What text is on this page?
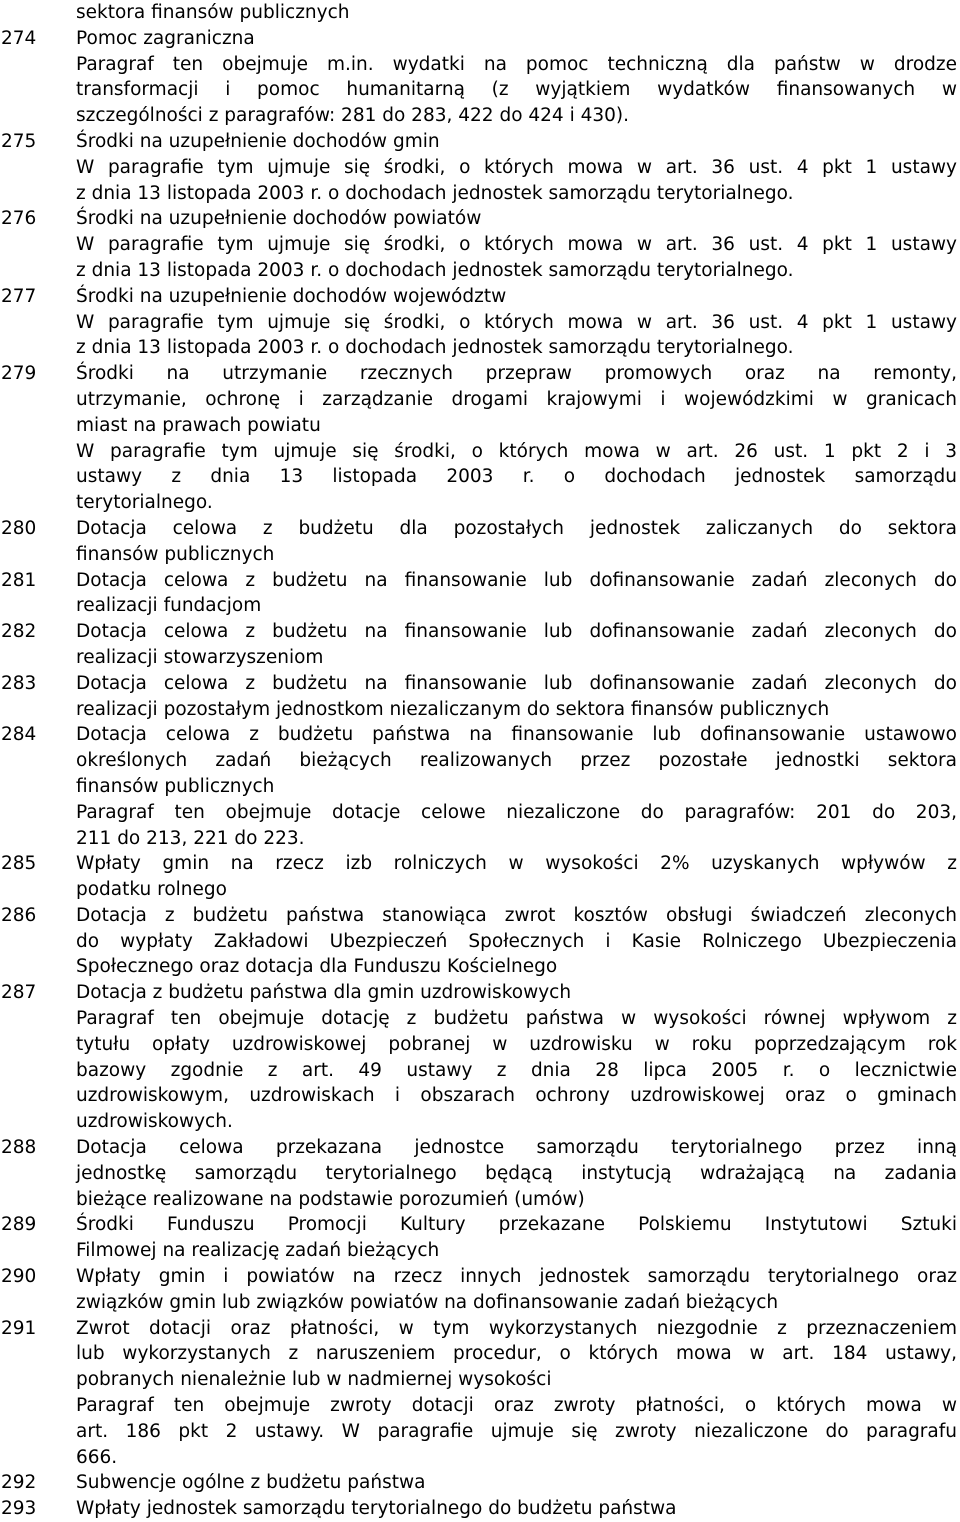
sektora finansów publicznych
274	Pomoc zagraniczna
Paragraf ten obejmuje m.in. wydatki na pomoc techniczną dla państw w drodze
transformacji i pomoc humanitarną (z wyjątkiem wydatków finansowanych w
szczególności z paragrafów: 281 do 283, 422 do 424 i 430).
275	Środki na uzupełnienie dochodów gmin
W paragrafie tym ujmuje się środki, o których mowa w art. 36 ust. 4 pkt 1 ustawy
z dnia 13 listopada 2003 r. o dochodach jednostek samorządu terytorialnego.
276	Środki na uzupełnienie dochodów powiatów
W paragrafie tym ujmuje się środki, o których mowa w art. 36 ust. 4 pkt 1 ustawy
z dnia 13 listopada 2003 r. o dochodach jednostek samorządu terytorialnego.
277	Środki na uzupełnienie dochodów województw
W paragrafie tym ujmuje się środki, o których mowa w art. 36 ust. 4 pkt 1 ustawy
z dnia 13 listopada 2003 r. o dochodach jednostek samorządu terytorialnego.
279	Środki na utrzymanie rzecznych przepraw promowych oraz na remonty,
utrzymanie, ochronę i zarządzanie drogami krajowymi i wojewódzkimi w granicach
miast na prawach powiatu
W paragrafie tym ujmuje się środki, o których mowa w art. 26 ust. 1 pkt 2 i 3
ustawy z dnia 13 listopada 2003 r. o dochodach jednostek samorządu
terytorialnego.
280	Dotacja celowa z budżetu dla pozostałych jednostek zaliczanych do sektora
finansów publicznych
281	Dotacja celowa z budżetu na finansowanie lub dofinansowanie zadań zleconych do
realizacji fundacjom
282	Dotacja celowa z budżetu na finansowanie lub dofinansowanie zadań zleconych do
realizacji stowarzyszeniom
283	Dotacja celowa z budżetu na finansowanie lub dofinansowanie zadań zleconych do
realizacji pozostałym jednostkom niezaliczanym do sektora finansów publicznych
284	Dotacja celowa z budżetu państwa na finansowanie lub dofinansowanie ustawowo
określonych zadań bieżących realizowanych przez pozostałe jednostki sektora
finansów publicznych
Paragraf ten obejmuje dotacje celowe niezaliczone do paragrafów: 201 do 203,
211 do 213, 221 do 223.
285	Wpłaty gmin na rzecz izb rolniczych w wysokości 2% uzyskanych wpływów z
podatku rolnego
286	Dotacja z budżetu państwa stanowiąca zwrot kosztów obsługi świadczeń zleconych
do wypłaty Zakładowi Ubezpieczeń Społecznych i Kasie Rolniczego Ubezpieczenia
Społecznego oraz dotacja dla Funduszu Kościelnego
287	Dotacja z budżetu państwa dla gmin uzdrowiskowych
Paragraf ten obejmuje dotację z budżetu państwa w wysokości równej wpływom z
tytułu opłaty uzdrowiskowej pobranej w uzdrowisku w roku poprzedzającym rok
bazowy zgodnie z art. 49 ustawy z dnia 28 lipca 2005 r. o lecznictwie
uzdrowiskowym, uzdrowiskach i obszarach ochrony uzdrowiskowej oraz o gminach
uzdrowiskowych.
288	Dotacja celowa przekazana jednostce samorządu terytorialnego przez inną
jednostkę samorządu terytorialnego będącą instytucją wdrażającą na zadania
bieżące realizowane na podstawie porozumień (umów)
289	Środki Funduszu Promocji Kultury przekazane Polskiemu Instytutowi Sztuki
Filmowej na realizację zadań bieżących
290	Wpłaty gmin i powiatów na rzecz innych jednostek samorządu terytorialnego oraz
związków gmin lub związków powiatów na dofinansowanie zadań bieżących
291	Zwrot dotacji oraz płatności, w tym wykorzystanych niezgodnie z przeznaczeniem
lub wykorzystanych z naruszeniem procedur, o których mowa w art. 184 ustawy,
pobranych nienależnie lub w nadmiernej wysokości
Paragraf ten obejmuje zwroty dotacji oraz zwroty płatności, o których mowa w
art. 186 pkt 2 ustawy. W paragrafie ujmuje się zwroty niezaliczone do paragrafu
666.
292	Subwencje ogólne z budżetu państwa
293	Wpłaty jednostek samorządu terytorialnego do budżetu państwa
